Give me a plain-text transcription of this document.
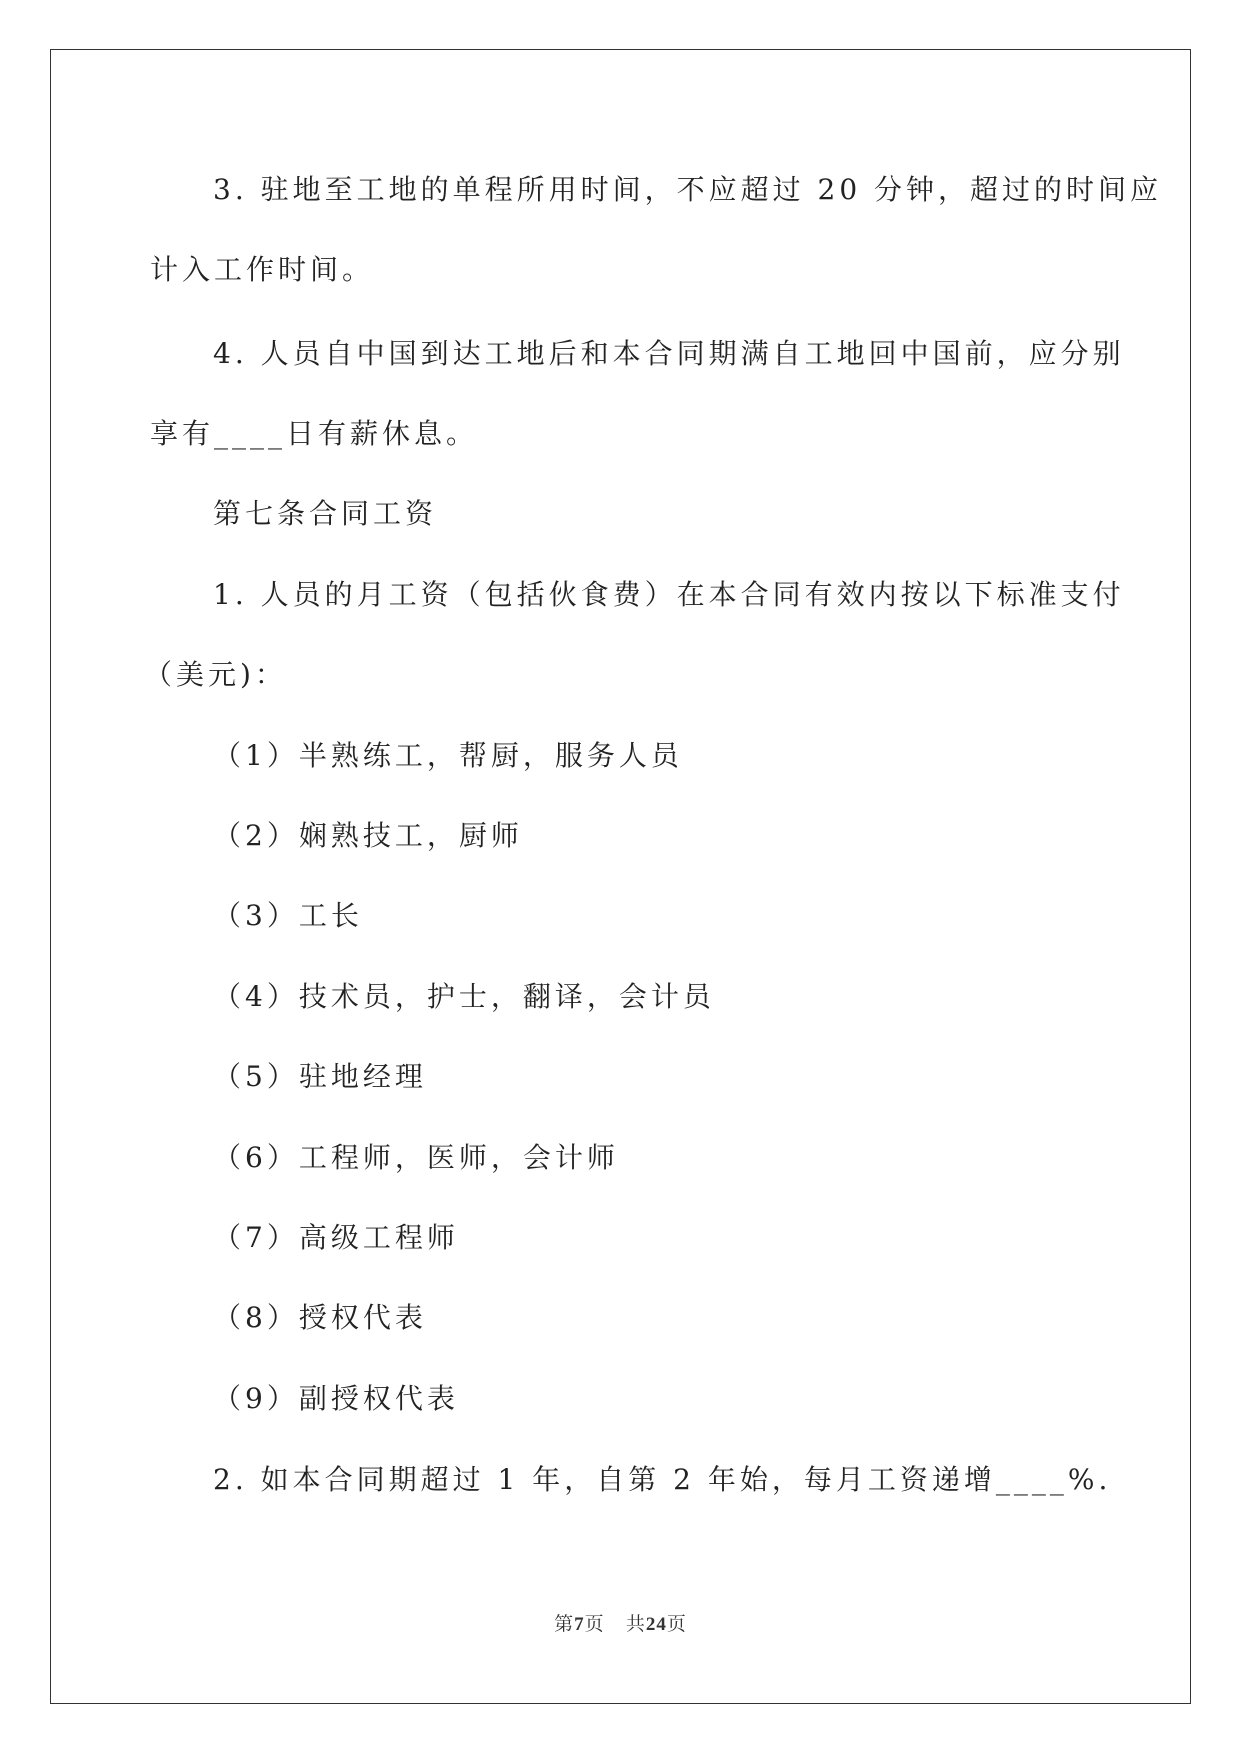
3. 驻地至工地的单程所用时间，不应超过 20 分钟，超过的时间应
计入工作时间。
4. 人员自中国到达工地后和本合同期满自工地回中国前，应分别
享有____日有薪休息。
第七条合同工资
1. 人员的月工资（包括伙食费）在本合同有效内按以下标准支付
（美元)：
（1）半熟练工，帮厨，服务人员
（2）娴熟技工，厨师
（3）工长
（4）技术员，护士，翻译，会计员
（5）驻地经理
（6）工程师，医师，会计师
（7）高级工程师
（8）授权代表
（9）副授权代表
2. 如本合同期超过 1 年，自第 2 年始，每月工资递增____%.
第7页 共24页
